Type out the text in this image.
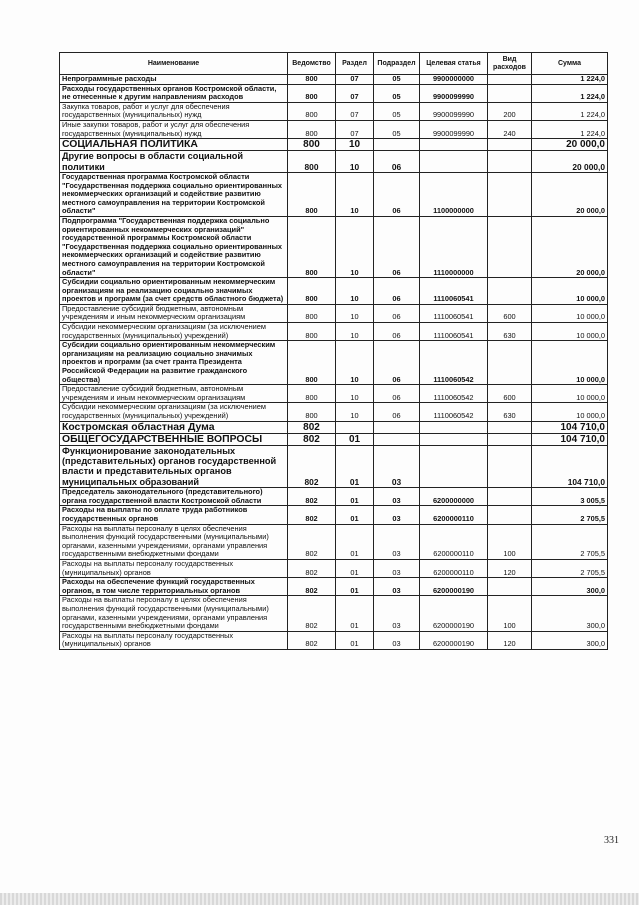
Наименование	Ведомство	Раздел	Подраздел	Целевая статья	Вид расходов	Сумма
Непрограммные расходы	800	07	05	9900000000		1 224,0
Расходы государственных органов Костромской области, не отнесенные к другим направлениям расходов	800	07	05	9900099990		1 224,0
Закупка товаров, работ и услуг для обеспечения государственных (муниципальных) нужд	800	07	05	9900099990	200	1 224,0
Иные закупки товаров, работ и услуг для обеспечения государственных (муниципальных) нужд	800	07	05	9900099990	240	1 224,0
СОЦИАЛЬНАЯ ПОЛИТИКА	800	10				20 000,0
Другие вопросы в области социальной политики	800	10	06			20 000,0
Государственная программа Костромской области "Государственная поддержка социально ориентированных некоммерческих организаций и содействие развитию местного самоуправления на территории Костромской области"	800	10	06	1100000000		20 000,0
Подпрограмма "Государственная поддержка социально ориентированных некоммерческих организаций" государственной программы Костромской области "Государственная поддержка социально ориентированных некоммерческих организаций и содействие развитию местного самоуправления на территории Костромской области"	800	10	06	1110000000		20 000,0
Субсидии социально ориентированным некоммерческим организациям на реализацию социально значимых проектов и программ (за счет средств областного бюджета)	800	10	06	1110060541		10 000,0
Предоставление субсидий бюджетным, автономным учреждениям и иным некоммерческим организациям	800	10	06	1110060541	600	10 000,0
Субсидии некоммерческим организациям (за исключением государственных (муниципальных) учреждений)	800	10	06	1110060541	630	10 000,0
Субсидии социально ориентированным некоммерческим организациям на реализацию социально значимых проектов и программ (за счет гранта Президента Российской Федерации на развитие гражданского общества)	800	10	06	1110060542		10 000,0
Предоставление субсидий бюджетным, автономным учреждениям и иным некоммерческим организациям	800	10	06	1110060542	600	10 000,0
Субсидии некоммерческим организациям (за исключением государственных (муниципальных) учреждений)	800	10	06	1110060542	630	10 000,0
Костромская областная Дума	802					104 710,0
ОБЩЕГОСУДАРСТВЕННЫЕ ВОПРОСЫ	802	01				104 710,0
Функционирование законодательных (представительных) органов государственной власти и представительных органов муниципальных образований	802	01	03			104 710,0
Председатель законодательного (представительного) органа государственной власти Костромской области	802	01	03	6200000000		3 005,5
Расходы на выплаты по оплате труда работников государственных органов	802	01	03	6200000110		2 705,5
Расходы на выплаты персоналу в целях обеспечения выполнения функций государственными (муниципальными) органами, казенными учреждениями, органами управления государственными внебюджетными фондами	802	01	03	6200000110	100	2 705,5
Расходы на выплаты персоналу государственных (муниципальных) органов	802	01	03	6200000110	120	2 705,5
Расходы на обеспечение функций государственных органов, в том числе территориальных органов	802	01	03	6200000190		300,0
Расходы на выплаты персоналу в целях обеспечения выполнения функций государственными (муниципальными) органами, казенными учреждениями, органами управления государственными внебюджетными фондами	802	01	03	6200000190	100	300,0
Расходы на выплаты персоналу государственных (муниципальных) органов	802	01	03	6200000190	120	300,0
331
